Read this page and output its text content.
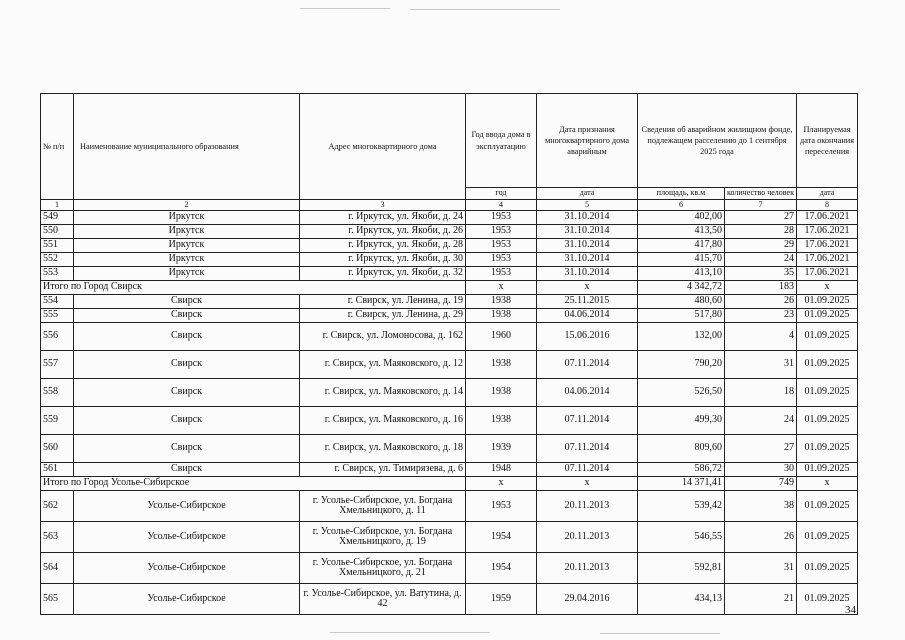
№ п/п	Наименование муниципального образования	Адрес многоквартирного дома	Год ввода дома в эксплуатацию	Дата признания многоквартирного дома аварийным	Сведения об аварийном жилищном фонде, подлежащем расселению до 1 сентября 2025 года		Планируемая дата окончания переселения
			год	дата	площадь, кв.м	количество человек	дата
1	2	3	4	5	6	7	8
549	Иркутск	г. Иркутск, ул. Якоби, д. 24	1953	31.10.2014	402,00	27	17.06.2021
550	Иркутск	г. Иркутск, ул. Якоби, д. 26	1953	31.10.2014	413,50	28	17.06.2021
551	Иркутск	г. Иркутск, ул. Якоби, д. 28	1953	31.10.2014	417,80	29	17.06.2021
552	Иркутск	г. Иркутск, ул. Якоби, д. 30	1953	31.10.2014	415,70	24	17.06.2021
553	Иркутск	г. Иркутск, ул. Якоби, д. 32	1953	31.10.2014	413,10	35	17.06.2021
Итого по Город Свирск			x	x	4 342,72	183	x
554	Свирск	г. Свирск, ул. Ленина, д. 19	1938	25.11.2015	480,60	26	01.09.2025
555	Свирск	г. Свирск, ул. Ленина, д. 29	1938	04.06.2014	517,80	23	01.09.2025
556	Свирск	г. Свирск, ул. Ломоносова, д. 162	1960	15.06.2016	132,00	4	01.09.2025
557	Свирск	г. Свирск, ул. Маяковского, д. 12	1938	07.11.2014	790,20	31	01.09.2025
558	Свирск	г. Свирск, ул. Маяковского, д. 14	1938	04.06.2014	526,50	18	01.09.2025
559	Свирск	г. Свирск, ул. Маяковского, д. 16	1938	07.11.2014	499,30	24	01.09.2025
560	Свирск	г. Свирск, ул. Маяковского, д. 18	1939	07.11.2014	809,60	27	01.09.2025
561	Свирск	г. Свирск, ул. Тимирязева, д. 6	1948	07.11.2014	586,72	30	01.09.2025
Итого по Город Усолье-Сибирское			x	x	14 371,41	749	x
562	Усолье-Сибирское	г. Усолье-Сибирское, ул. Богдана Хмельницкого, д. 11	1953	20.11.2013	539,42	38	01.09.2025
563	Усолье-Сибирское	г. Усолье-Сибирское, ул. Богдана Хмельницкого, д. 19	1954	20.11.2013	546,55	26	01.09.2025
564	Усолье-Сибирское	г. Усолье-Сибирское, ул. Богдана Хмельницкого, д. 21	1954	20.11.2013	592,81	31	01.09.2025
565	Усолье-Сибирское	г. Усолье-Сибирское, ул. Ватутина, д. 42	1959	29.04.2016	434,13	21	01.09.2025
34
